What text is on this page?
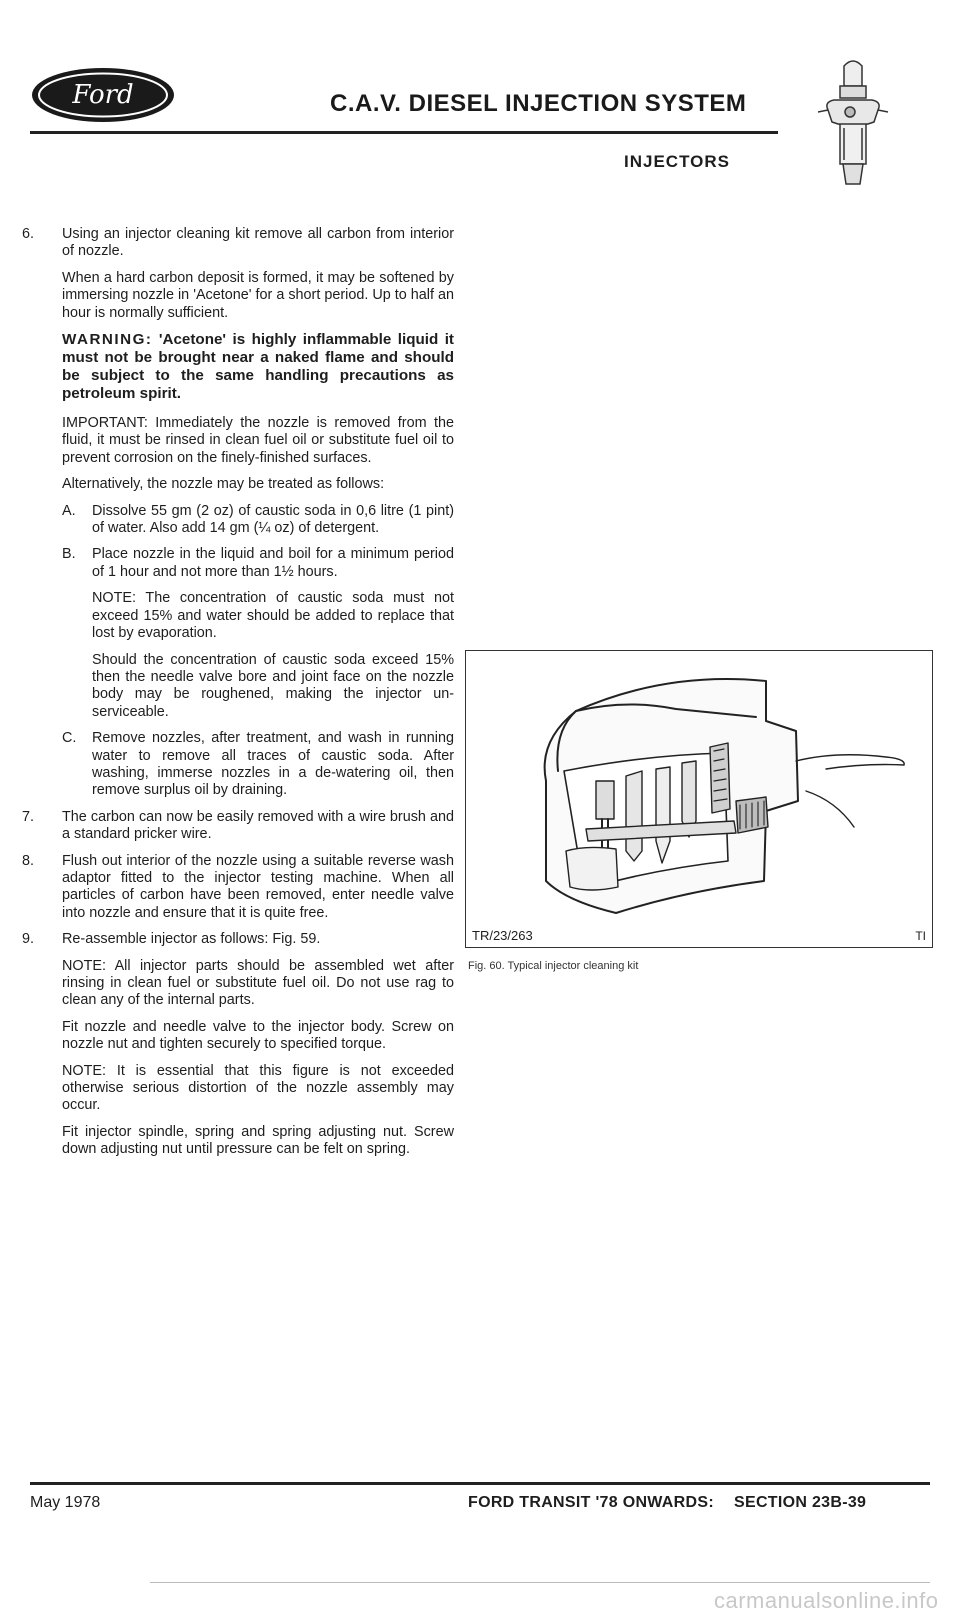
Ford	C.A.V. DIESEL INJECTION SYSTEM
INJECTORS
6. Using an injector cleaning kit remove all carbon from interior of nozzle.

When a hard carbon deposit is formed, it may be softened by immersing nozzle in 'Acetone' for a short period. Up to half an hour is normally sufficient.

WARNING: 'Acetone' is highly inflammable liquid it must not be brought near a naked flame and should be subject to the same handling precautions as petroleum spirit.

IMPORTANT: Immediately the nozzle is removed from the fluid, it must be rinsed in clean fuel oil or substitute fuel oil to prevent corrosion on the finely-finished surfaces.

Alternatively, the nozzle may be treated as follows:

A. Dissolve 55 gm (2 oz) of caustic soda in 0,6 litre (1 pint) of water. Also add 14 gm (¼ oz) of detergent.

B. Place nozzle in the liquid and boil for a minimum period of 1 hour and not more than 1½ hours.

NOTE: The concentration of caustic soda must not exceed 15% and water should be added to replace that lost by evaporation.

Should the concentration of caustic soda exceed 15% then the needle valve bore and joint face on the nozzle body may be roughened, making the injector un-serviceable.

C. Remove nozzles, after treatment, and wash in running water to remove all traces of caustic soda. After washing, immerse nozzles in a de-watering oil, then remove surplus oil by draining.

7. The carbon can now be easily removed with a wire brush and a standard pricker wire.

8. Flush out interior of the nozzle using a suitable reverse wash adaptor fitted to the injector testing machine. When all particles of carbon have been removed, enter needle valve into nozzle and ensure that it is quite free.

9. Re-assemble injector as follows: Fig. 59.

NOTE: All injector parts should be assembled wet after rinsing in clean fuel or substitute fuel oil. Do not use rag to clean any of the internal parts.

Fit nozzle and needle valve to the injector body. Screw on nozzle nut and tighten securely to specified torque.

NOTE: It is essential that this figure is not exceeded otherwise serious distortion of the nozzle assembly may occur.

Fit injector spindle, spring and spring adjusting nut. Screw down adjusting nut until pressure can be felt on spring.

TR/23/263	TI
Fig. 60. Typical injector cleaning kit
May 1978	FORD TRANSIT '78 ONWARDS: SECTION 23B-39
carmanualsonline.info
